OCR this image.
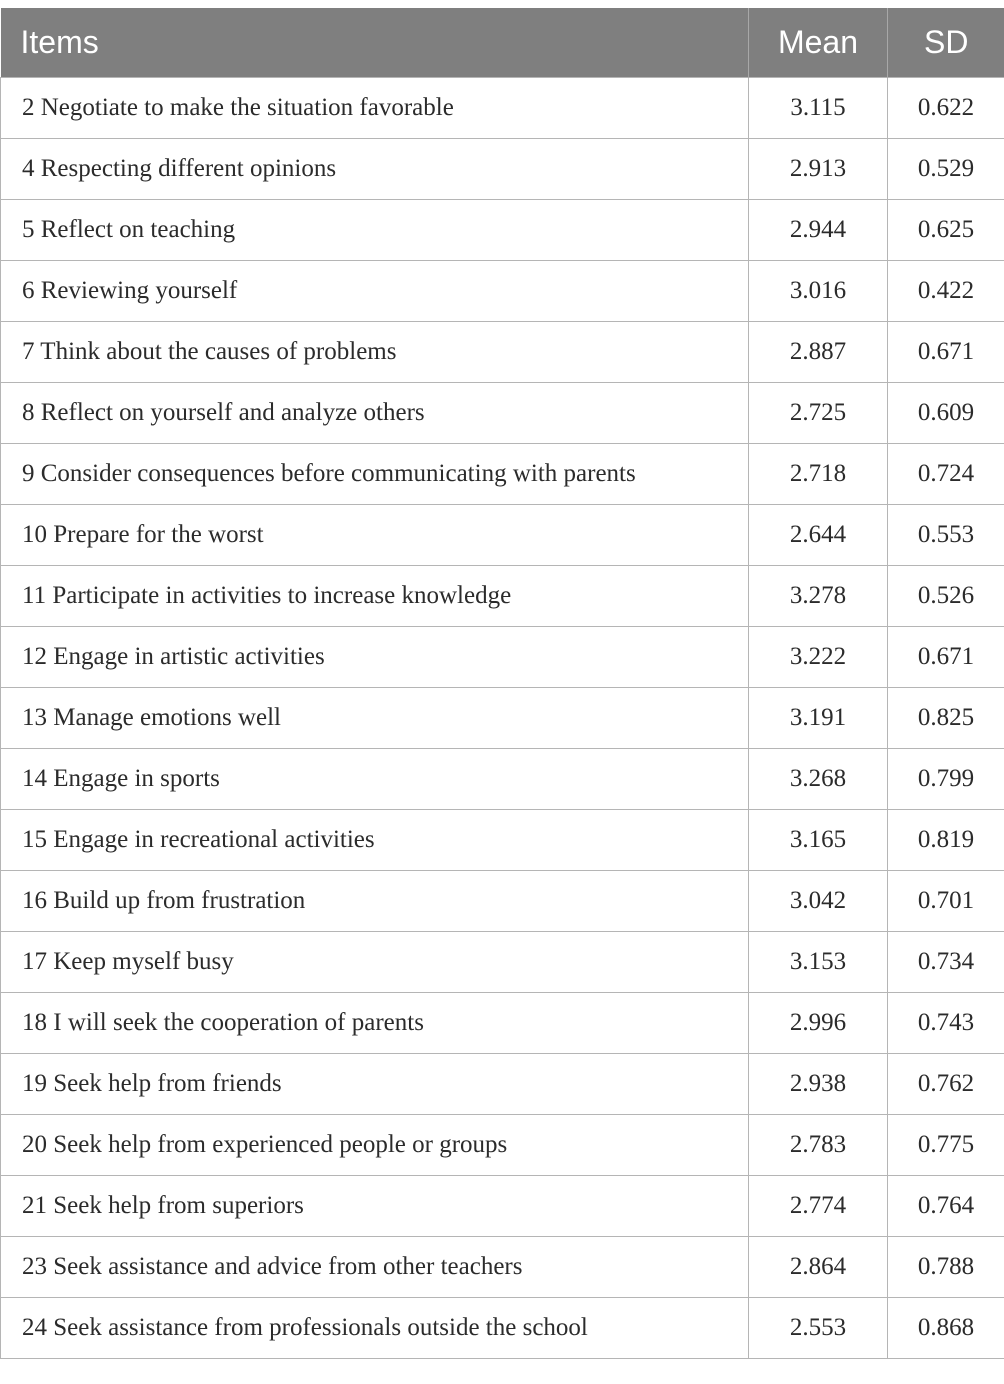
Items	Mean	SD
2 Negotiate to make the situation favorable	3.115	0.622
4 Respecting different opinions	2.913	0.529
5 Reflect on teaching	2.944	0.625
6 Reviewing yourself	3.016	0.422
7 Think about the causes of problems	2.887	0.671
8 Reflect on yourself and analyze others	2.725	0.609
9 Consider consequences before communicating with parents	2.718	0.724
10 Prepare for the worst	2.644	0.553
11 Participate in activities to increase knowledge	3.278	0.526
12 Engage in artistic activities	3.222	0.671
13 Manage emotions well	3.191	0.825
14 Engage in sports	3.268	0.799
15 Engage in recreational activities	3.165	0.819
16 Build up from frustration	3.042	0.701
17 Keep myself busy	3.153	0.734
18 I will seek the cooperation of parents	2.996	0.743
19 Seek help from friends	2.938	0.762
20 Seek help from experienced people or groups	2.783	0.775
21 Seek help from superiors	2.774	0.764
23 Seek assistance and advice from other teachers	2.864	0.788
24 Seek assistance from professionals outside the school	2.553	0.868
